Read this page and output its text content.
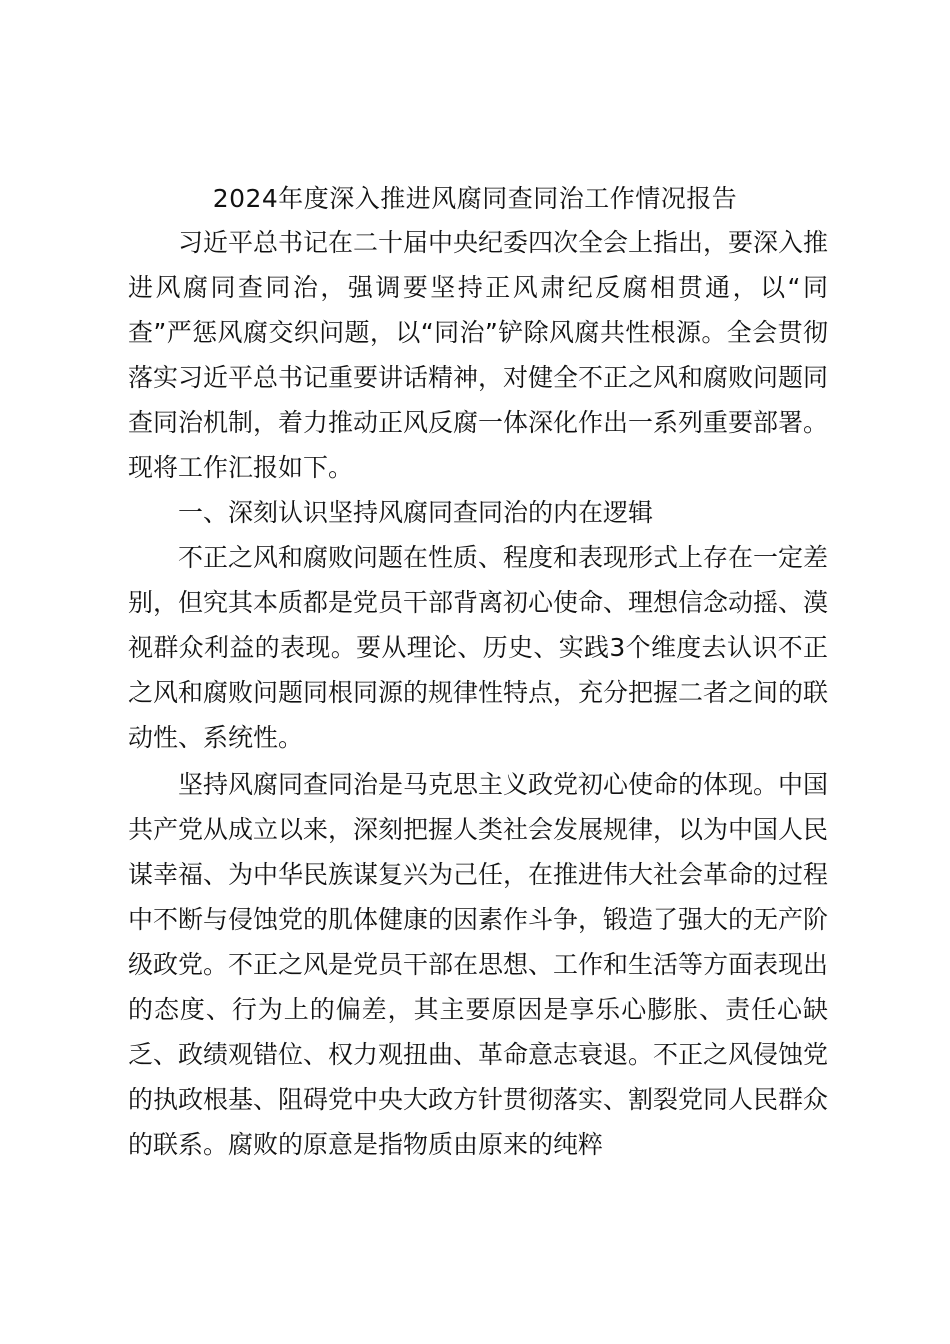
2024年度深入推进风腐同查同治工作情况报告

习近平总书记在二十届中央纪委四次全会上指出，要深入推进风腐同查同治，强调要坚持正风肃纪反腐相贯通，以“同查”严惩风腐交织问题，以“同治”铲除风腐共性根源。全会贯彻落实习近平总书记重要讲话精神，对健全不正之风和腐败问题同查同治机制，着力推动正风反腐一体深化作出一系列重要部署。现将工作汇报如下。

一、深刻认识坚持风腐同查同治的内在逻辑

不正之风和腐败问题在性质、程度和表现形式上存在一定差别，但究其本质都是党员干部背离初心使命、理想信念动摇、漠视群众利益的表现。要从理论、历史、实践3个维度去认识不正之风和腐败问题同根同源的规律性特点，充分把握二者之间的联动性、系统性。

坚持风腐同查同治是马克思主义政党初心使命的体现。中国共产党从成立以来，深刻把握人类社会发展规律，以为中国人民谋幸福、为中华民族谋复兴为己任，在推进伟大社会革命的过程中不断与侵蚀党的肌体健康的因素作斗争，锻造了强大的无产阶级政党。不正之风是党员干部在思想、工作和生活等方面表现出的态度、行为上的偏差，其主要原因是享乐心膨胀、责任心缺乏、政绩观错位、权力观扭曲、革命意志衰退。不正之风侵蚀党的执政根基、阻碍党中央大政方针贯彻落实、割裂党同人民群众的联系。腐败的原意是指物质由原来的纯粹
